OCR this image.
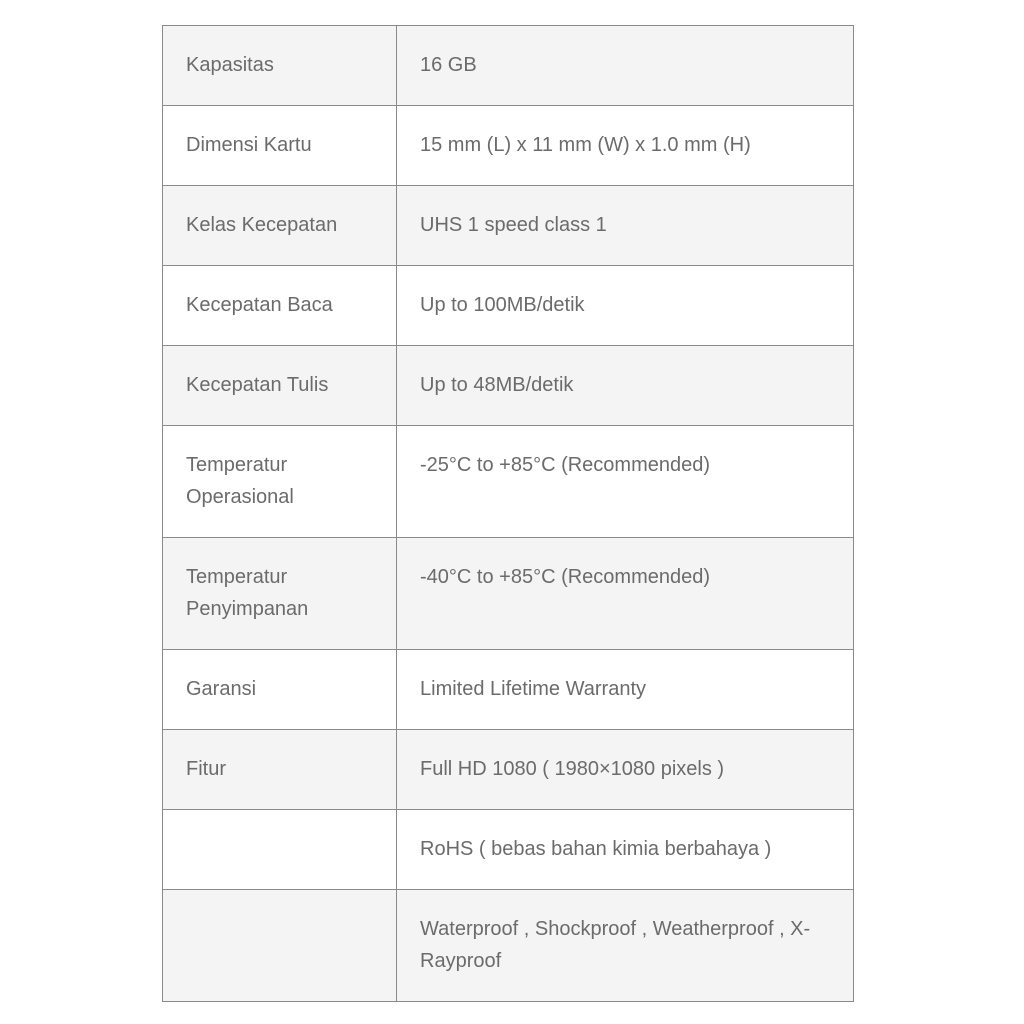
Kapasitas	16 GB
Dimensi Kartu	15 mm (L) x 11 mm (W) x 1.0 mm (H)
Kelas Kecepatan	UHS 1 speed class 1
Kecepatan Baca	Up to 100MB/detik
Kecepatan Tulis	Up to 48MB/detik
Temperatur Operasional	-25°C to +85°C (Recommended)
Temperatur Penyimpanan	-40°C to +85°C (Recommended)
Garansi	Limited Lifetime Warranty
Fitur	Full HD 1080 ( 1980×1080 pixels )
	RoHS ( bebas bahan kimia berbahaya )
	Waterproof , Shockproof , Weatherproof , X-Rayproof
